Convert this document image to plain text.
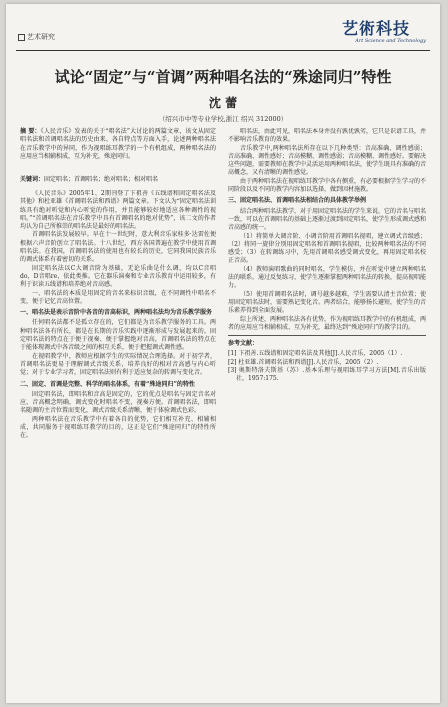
艺术研究	艺術科技
Art Science and Technology
试论“固定”与“首调”两种唱名法的“殊途同归”特性
沈 蕾
（绍兴市中等专业学校,浙江 绍兴 312000）
摘 要：《人民音乐》发表的关于“唱名法”大讨论的两篇文章，该文从固定唱名法和首调唱名法的历史由来、各自特点等方面入手，论述两种唱名法在音乐教学中的异同，作为视唱练耳教学的一个有机组成，两种唱名法的应用应当相辅相成，互为补充，殊途同归。
关键词：固定唱名；首调唱名；绝对唱名；相对唱名

《人民音乐》2005年1、2期刊登了卞祖善《五线谱和固定唱名法及其他》和杜亚雄《首调唱名法和西谱》两篇文章。下文认为“固定唱名法训练具有绝对听觉和内心听觉的作用，并且能够较好地适应各种调性的视唱。”“首调唱名法在音乐教学中具有首调唱名的绝对优势”，该二文的作者均认为自己所推崇的唱名法是最好的唱名法。

首调唱名法发展较早。早在十一世纪时，意大利音乐家桂多·达雷佐便根据六声音阶创立了唱名法。十八世纪，西方各国普遍在教学中使用首调唱名法。在我国，首调唱名法的使用也有较长的历史，它同我国民族音乐的调式体系有着密切的关系。

固定唱名法以C大调音阶为基础，无论乐曲是什么调，均以C音唱do，D音唱re，依此类推。它在器乐演奏和专业音乐教育中运用较多，有利于识读五线谱和培养绝对音高感。

一、唱名法的本质是用固定的音名来标识音级，在不同调性中唱名不变，便于记忆音高位置。

一、唱名法是表示音阶中各音的音高标识，两种唱名法均为音乐教学服务

任何唱名法都不是孤立存在的，它们都是为音乐教学服务的工具。两种唱名法各有所长，都是在长期的音乐实践中逐渐形成与发展起来的。固定唱名法的特点在于便于视奏、便于掌握绝对音高，首调唱名法的特点在于能体现调式中各音级之间的相互关系，便于把握调式调性感。

在视唱教学中，教师应根据学生的实际情况合理选择。对于初学者，首调唱名法更易于理解调式音级关系，培养良好的相对音高感与内心听觉；对于专业学习者，固定唱名法则有利于适应复杂的转调与变化音。

二、固定、首调是完整、科学的唱名体系，有着“殊途同归”的特性

固定唱名法，即唱名和音高是固定的，它的优点是唱名与固定音名对应，音高概念明确，调式变化时唱名不变，视奏方便。首调唱名法，即唱名随调的主音位置而变化，调式音级关系清晰，便于体验调式色彩。

两种唱名法在音乐教学中有着各自的优势，它们相互补充、相辅相成，共同服务于视唱练耳教学的目的，这正是它们“殊途同归”的特性所在。

唱名法，由此可见，唱名法本身并没有孰优孰劣，它只是识谱工具，并不影响音乐教育的效果。

音乐教学中,两种唱名法所存在以下几种类型：音高准确、调性感弱；音高准确、调性感好；音高模糊、调性感弱；音高模糊、调性感好。要解决这些问题，需要教师在教学中灵活运用两种唱名法，使学生既具有准确的音高概念，又有清晰的调性感觉。

由于两种唱名法在视唱练耳教学中各有侧重，有必要根据学生学习的不同阶段以及不同的教学内容加以选择，做到因材施教。

三、固定唱名法、首调唱名法相结合的具体教学举例

结合两种唱名法教学，对于用固定唱名法的学生来说，它的音名与唱名一致，可以在首调唱名的基础上逐渐过渡到固定唱名，使学生形成调式感和音高感的统一。

（1）将简单大调音阶、小调音阶用首调唱名视唱，建立调式音级感；（2）将同一旋律分别用固定唱名和首调唱名视唱，比较两种唱名法的不同感受；（3）在转调练习中，先用首调唱名感受调式变化，再用固定唱名校正音高。

（4）教师演唱歌曲的同时唱名，学生模仿，并在听觉中建立两种唱名法的联系。通过反复练习，使学生逐渐掌握两种唱名法的转换，提高视唱能力。

（5）使用首调唱名法时，调号越多越难，学生需要认清主音位置；使用固定唱名法时，需要熟记变化音。两者结合，能够扬长避短，使学生的音乐素养得到全面发展。

综上所述，两种唱名法各有优势，作为视唱练耳教学中的有机组成，两者的应用应当相辅相成、互为补充，最终达到“殊途同归”的教学目的。

参考文献：

[1] 卞祖善.五线谱和固定唱名法及其他[J].人民音乐，2005（1）.

[2] 杜亚雄.首调唱名法和西谱[J].人民音乐，2005（2）.

[3] 奥斯特洛夫斯基（苏）.基本乐理与视唱练耳学习方法[M].音乐出版社，1957:175.
